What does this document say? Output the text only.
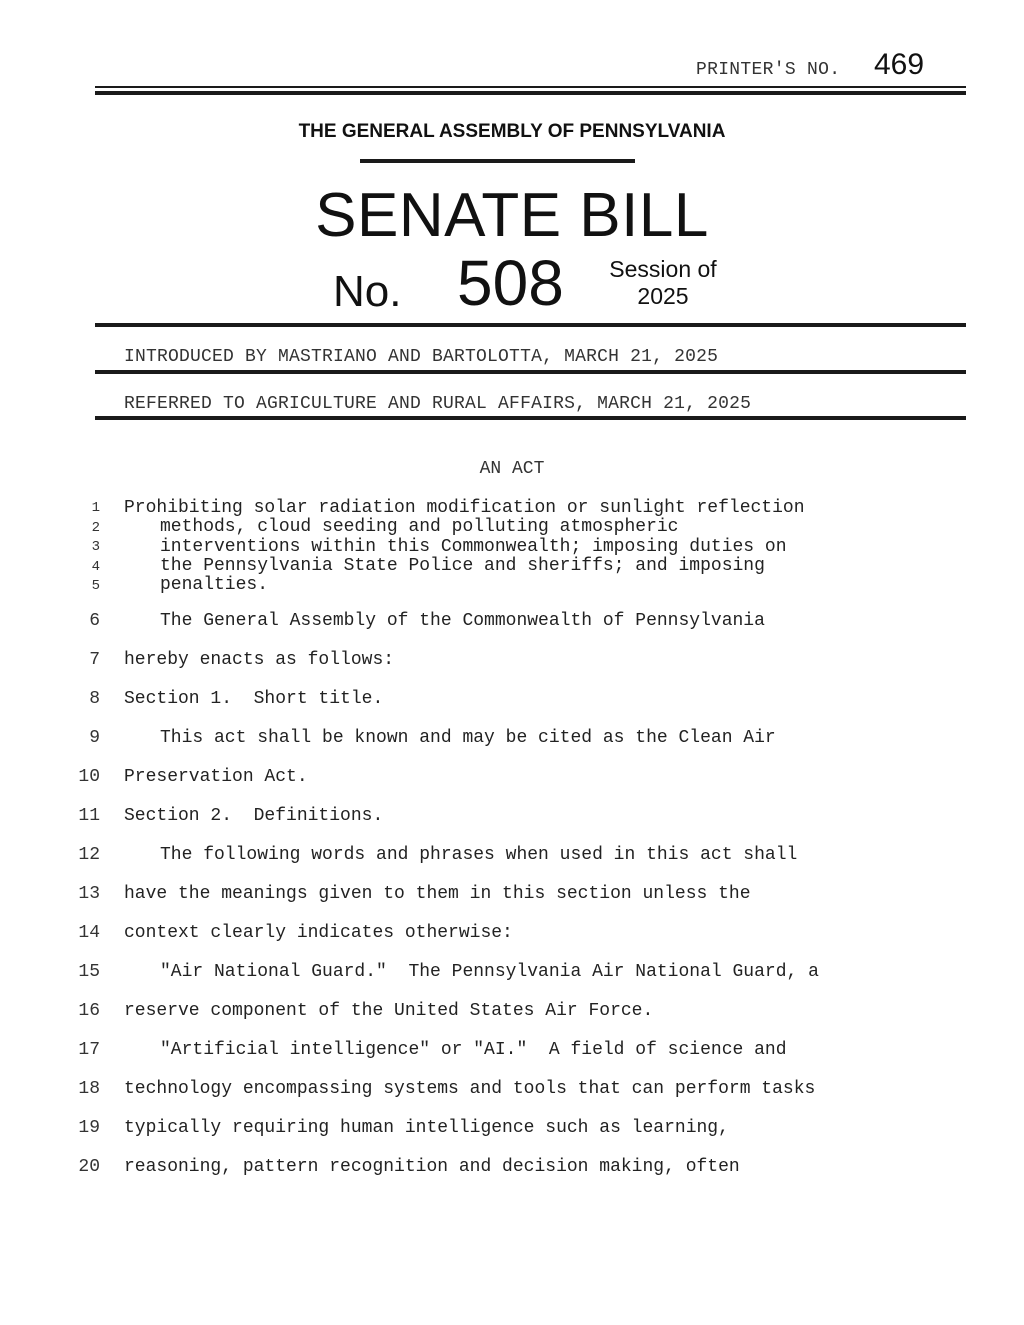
PRINTER'S NO. 469
THE GENERAL ASSEMBLY OF PENNSYLVANIA
SENATE BILL
No. 508	Session of
2025
INTRODUCED BY MASTRIANO AND BARTOLOTTA, MARCH 21, 2025
REFERRED TO AGRICULTURE AND RURAL AFFAIRS, MARCH 21, 2025
AN ACT
1 Prohibiting solar radiation modification or sunlight reflection
2	methods, cloud seeding and polluting atmospheric
3	interventions within this Commonwealth; imposing duties on
4	the Pennsylvania State Police and sheriffs; and imposing
5	penalties.
6	The General Assembly of the Commonwealth of Pennsylvania
7 hereby enacts as follows:
8 Section 1.  Short title.
9	This act shall be known and may be cited as the Clean Air
10 Preservation Act.
11 Section 2.  Definitions.
12	The following words and phrases when used in this act shall
13 have the meanings given to them in this section unless the
14 context clearly indicates otherwise:
15	"Air National Guard."  The Pennsylvania Air National Guard, a
16 reserve component of the United States Air Force.
17	"Artificial intelligence" or "AI."  A field of science and
18 technology encompassing systems and tools that can perform tasks
19 typically requiring human intelligence such as learning,
20 reasoning, pattern recognition and decision making, often
